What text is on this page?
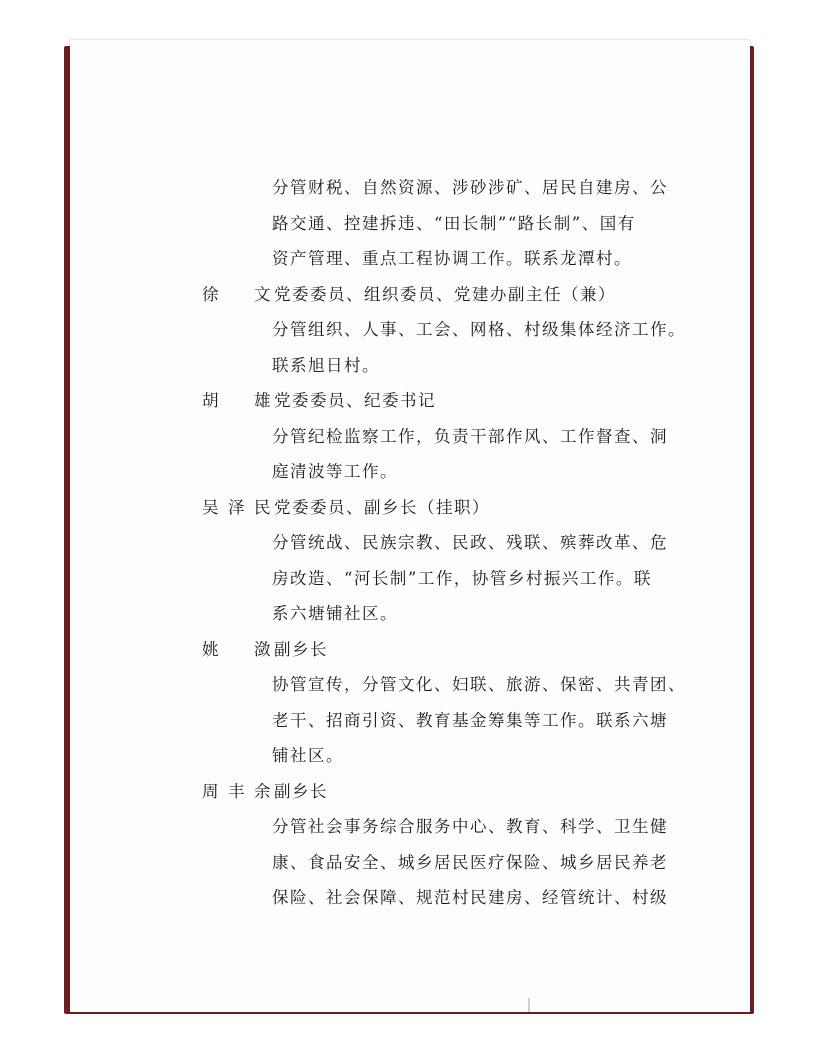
分管财税、自然资源、涉砂涉矿、居民自建房、公
路交通、控建拆违、“田长制”“路长制”、国有
资产管理、重点工程协调工作。联系龙潭村。
徐 文 党委委员、组织委员、党建办副主任（兼）
分管组织、人事、工会、网格、村级集体经济工作。
联系旭日村。
胡 雄 党委委员、纪委书记
分管纪检监察工作，负责干部作风、工作督查、洞
庭清波等工作。
吴泽民 党委委员、副乡长（挂职）
分管统战、民族宗教、民政、残联、殡葬改革、危
房改造、“河长制”工作，协管乡村振兴工作。联
系六塘铺社区。
姚 潋 副乡长
协管宣传，分管文化、妇联、旅游、保密、共青团、
老干、招商引资、教育基金筹集等工作。联系六塘
铺社区。
周丰余 副乡长
分管社会事务综合服务中心、教育、科学、卫生健
康、食品安全、城乡居民医疗保险、城乡居民养老
保险、社会保障、规范村民建房、经管统计、村级
